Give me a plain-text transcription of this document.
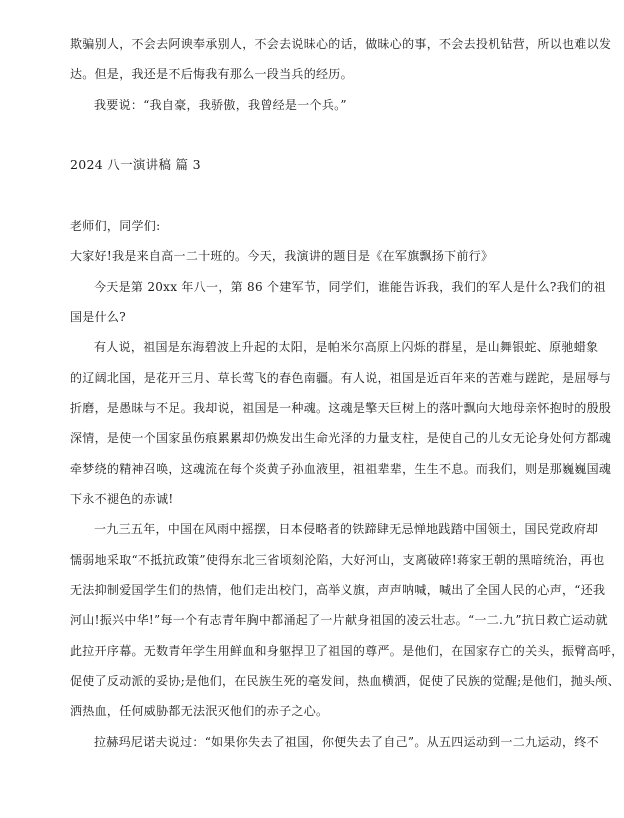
欺骗别人，不会去阿谀奉承别人，不会去说昧心的话，做昧心的事，不会去投机钻营，所以也难以发
达。但是，我还是不后悔我有那么一段当兵的经历。
我要说：“我自豪，我骄傲，我曾经是一个兵。”
2024 八一演讲稿 篇 3
老师们，同学们:
大家好!我是来自高一二十班的。今天，我演讲的题目是《在军旗飘扬下前行》
今天是第 20xx 年八一，第 86 个建军节，同学们，谁能告诉我，我们的军人是什么?我们的祖
国是什么?
有人说，祖国是东海碧波上升起的太阳，是帕米尔高原上闪烁的群星，是山舞银蛇、原驰蜡象
的辽阔北国，是花开三月、草长莺飞的春色南疆。有人说，祖国是近百年来的苦难与蹉跎，是屈辱与
折磨，是愚昧与不足。我却说，祖国是一种魂。这魂是擎天巨树上的落叶飘向大地母亲怀抱时的殷殷
深情，是使一个国家虽伤痕累累却仍焕发出生命光泽的力量支柱，是使自己的儿女无论身处何方都魂
牵梦绕的精神召唤，这魂流在每个炎黄子孙血液里，祖祖辈辈，生生不息。而我们，则是那巍巍国魂
下永不褪色的赤诚!
一九三五年，中国在风雨中摇摆，日本侵略者的铁蹄肆无忌惮地践踏中国领土，国民党政府却
懦弱地采取“不抵抗政策”使得东北三省顷刻沦陷，大好河山，支离破碎!蒋家王朝的黑暗统治，再也
无法抑制爱国学生们的热情，他们走出校门，高举义旗，声声呐喊，喊出了全国人民的心声，“还我
河山!振兴中华!”每一个有志青年胸中都涌起了一片献身祖国的凌云壮志。“一二.九”抗日救亡运动就
此拉开序幕。无数青年学生用鲜血和身躯捍卫了祖国的尊严。是他们，在国家存亡的关头，振臂高呼，
促使了反动派的妥协;是他们，在民族生死的毫发间，热血横洒，促使了民族的觉醒;是他们，抛头颅、
洒热血，任何威胁都无法泯灭他们的赤子之心。
拉赫玛尼诺夫说过：“如果你失去了祖国，你便失去了自己”。从五四运动到一二九运动，终不
